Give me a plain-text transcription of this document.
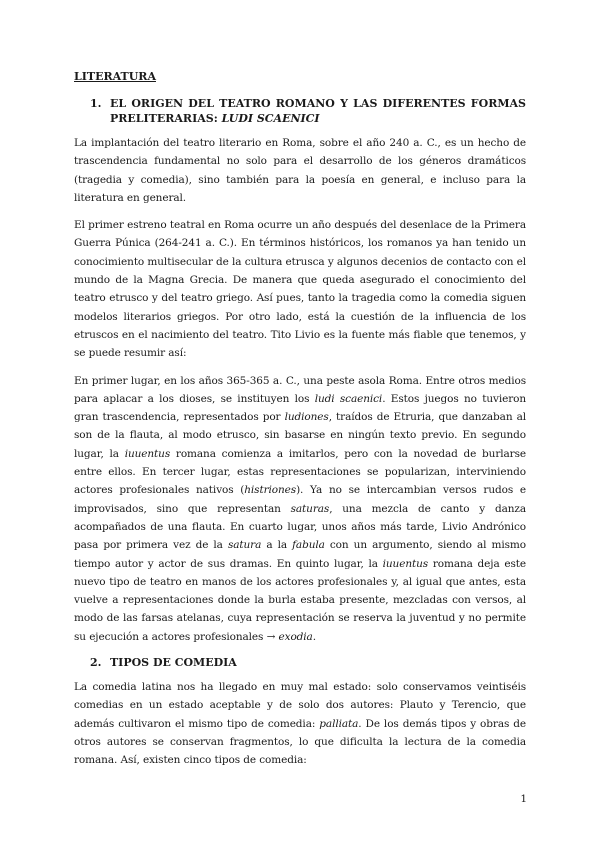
LITERATURA
1. EL ORIGEN DEL TEATRO ROMANO Y LAS DIFERENTES FORMAS PRELITERARIAS: LUDI SCAENICI

La implantación del teatro literario en Roma, sobre el año 240 a. C., es un hecho de trascendencia fundamental no solo para el desarrollo de los géneros dramáticos (tragedia y comedia), sino también para la poesía en general, e incluso para la literatura en general.

El primer estreno teatral en Roma ocurre un año después del desenlace de la Primera Guerra Púnica (264-241 a. C.). En términos históricos, los romanos ya han tenido un conocimiento multisecular de la cultura etrusca y algunos decenios de contacto con el mundo de la Magna Grecia. De manera que queda asegurado el conocimiento del teatro etrusco y del teatro griego. Así pues, tanto la tragedia como la comedia siguen modelos literarios griegos. Por otro lado, está la cuestión de la influencia de los etruscos en el nacimiento del teatro. Tito Livio es la fuente más fiable que tenemos, y se puede resumir así:

En primer lugar, en los años 365-365 a. C., una peste asola Roma. Entre otros medios para aplacar a los dioses, se instituyen los ludi scaenici. Estos juegos no tuvieron gran trascendencia, representados por ludiones, traídos de Etruria, que danzaban al son de la flauta, al modo etrusco, sin basarse en ningún texto previo. En segundo lugar, la iuuentus romana comienza a imitarlos, pero con la novedad de burlarse entre ellos. En tercer lugar, estas representaciones se popularizan, interviniendo actores profesionales nativos (histriones). Ya no se intercambian versos rudos e improvisados, sino que representan saturas, una mezcla de canto y danza acompañados de una flauta. En cuarto lugar, unos años más tarde, Livio Andrónico pasa por primera vez de la satura a la fabula con un argumento, siendo al mismo tiempo autor y actor de sus dramas. En quinto lugar, la iuuentus romana deja este nuevo tipo de teatro en manos de los actores profesionales y, al igual que antes, esta vuelve a representaciones donde la burla estaba presente, mezcladas con versos, al modo de las farsas atelanas, cuya representación se reserva la juventud y no permite su ejecución a actores profesionales → exodia.

2. TIPOS DE COMEDIA

La comedia latina nos ha llegado en muy mal estado: solo conservamos veintiséis comedias en un estado aceptable y de solo dos autores: Plauto y Terencio, que además cultivaron el mismo tipo de comedia: palliata. De los demás tipos y obras de otros autores se conservan fragmentos, lo que dificulta la lectura de la comedia romana. Así, existen cinco tipos de comedia:

1
